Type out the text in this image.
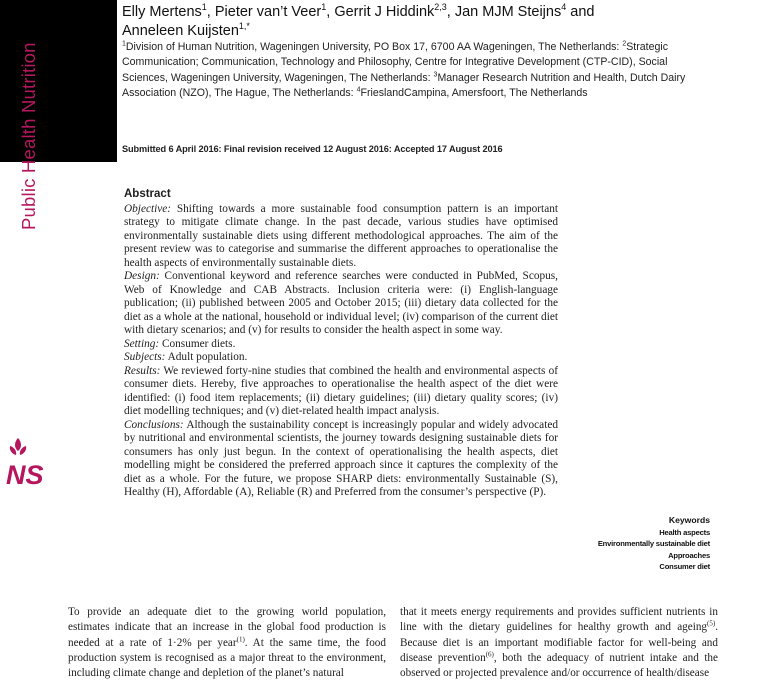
Elly Mertens$^1$, Pieter van’t Veer$^1$, Gerrit J Hiddink$^{2,3}$, Jan MJM Steijns$^4$ and
Anneleen Kuijsten$^{1,*}$
$^1$Division of Human Nutrition, Wageningen University, PO Box 17, 6700 AA Wageningen, The Netherlands: $^2$Strategic Communication; Communication, Technology and Philosophy, Centre for Integrative Development (CTP-CID), Social Sciences, Wageningen University, Wageningen, The Netherlands: $^3$Manager Research Nutrition and Health, Dutch Dairy Association (NZO), The Hague, The Netherlands: $^4$FrieslandCampina, Amersfoort, The Netherlands
Submitted 6 April 2016: Final revision received 12 August 2016: Accepted 17 August 2016
Public Health Nutrition
NS
Abstract

Objective: Shifting towards a more sustainable food consumption pattern is an important strategy to mitigate climate change. In the past decade, various studies have optimised environmentally sustainable diets using different methodological approaches. The aim of the present review was to categorise and summarise the different approaches to operationalise the health aspects of environmentally sustainable diets.

Design: Conventional keyword and reference searches were conducted in PubMed, Scopus, Web of Knowledge and CAB Abstracts. Inclusion criteria were: (i) English-language publication; (ii) published between 2005 and October 2015; (iii) dietary data collected for the diet as a whole at the national, household or individual level; (iv) comparison of the current diet with dietary scenarios; and (v) for results to consider the health aspect in some way.

Setting: Consumer diets.

Subjects: Adult population.

Results: We reviewed forty-nine studies that combined the health and environmental aspects of consumer diets. Hereby, five approaches to operationalise the health aspect of the diet were identified: (i) food item replacements; (ii) dietary guidelines; (iii) dietary quality scores; (iv) diet modelling techniques; and (v) diet-related health impact analysis.

Conclusions: Although the sustainability concept is increasingly popular and widely advocated by nutritional and environmental scientists, the journey towards designing sustainable diets for consumers has only just begun. In the context of operationalising the health aspects, diet modelling might be considered the preferred approach since it captures the complexity of the diet as a whole. For the future, we propose SHARP diets: environmentally Sustainable (S), Healthy (H), Affordable (A), Reliable (R) and Preferred from the consumer’s perspective (P).

Keywords
Health aspects
Environmentally sustainable diet
Approaches
Consumer diet
To provide an adequate diet to the growing world population, estimates indicate that an increase in the global food production is needed at a rate of 1·2% per year$^{(1)}$. At the same time, the food production system is recognised as a major threat to the environment, including climate change and depletion of the planet’s natural
that it meets energy requirements and provides sufficient nutrients in line with the dietary guidelines for healthy growth and ageing$^{(5)}$. Because diet is an important modifiable factor for well-being and disease prevention$^{(6)}$, both the adequacy of nutrient intake and the observed or projected prevalence and/or occurrence of health/disease
